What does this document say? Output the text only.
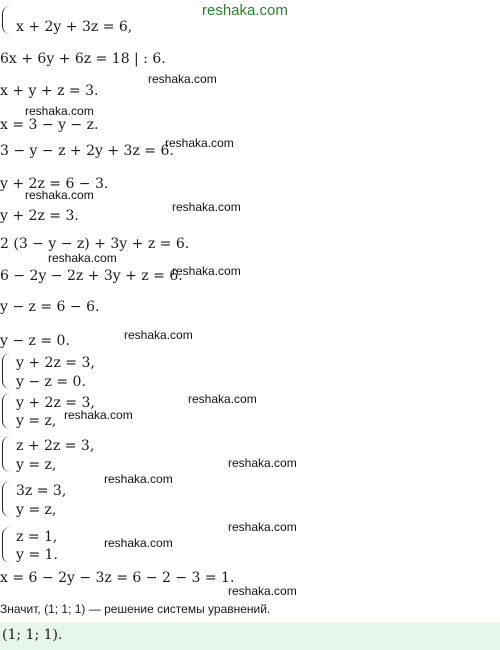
reshaka.com
x + 2y + 3z = 6,
6x + 6y + 6z = 18 | : 6.
reshaka.com
x + y + z = 3.
reshaka.com
x = 3 − y − z.
3 − y − z + 2y + 3z = 6.
reshaka.com
y + 2z = 6 − 3.
reshaka.com
reshaka.com
y + 2z = 3.
2 (3 − y − z) + 3y + z = 6.
reshaka.com
6 − 2y − 2z + 3y + z = 6.
reshaka.com
y − z = 6 − 6.
reshaka.com
y − z = 0.
y + 2z = 3,
y − z = 0.
y + 2z = 3,
y = z,
reshaka.com
reshaka.com
z + 2z = 3,
y = z,	reshaka.com
reshaka.com
3z = 3,
y = z,
z = 1,
y = 1.
reshaka.com
reshaka.com
x = 6 − 2y − 3z = 6 − 2 − 3 = 1.
reshaka.com
Значит, (1; 1; 1) — решение системы уравнений.
(1; 1; 1).
